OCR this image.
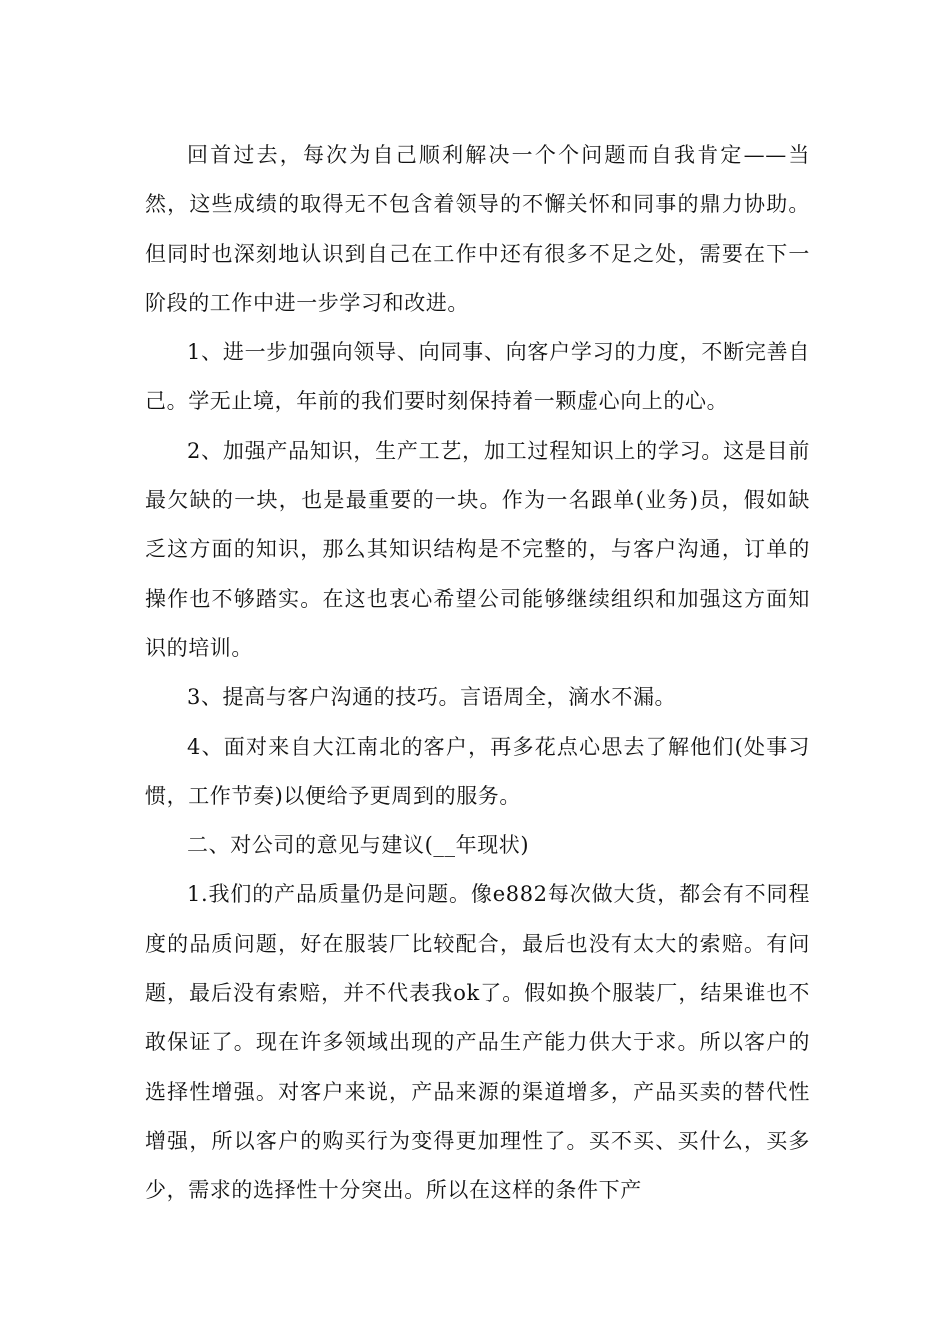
回首过去，每次为自己顺利解决一个个问题而自我肯定——当然，这些成绩的取得无不包含着领导的不懈关怀和同事的鼎力协助。但同时也深刻地认识到自己在工作中还有很多不足之处，需要在下一阶段的工作中进一步学习和改进。

1、进一步加强向领导、向同事、向客户学习的力度，不断完善自己。学无止境，年前的我们要时刻保持着一颗虚心向上的心。

2、加强产品知识，生产工艺，加工过程知识上的学习。这是目前最欠缺的一块，也是最重要的一块。作为一名跟单(业务)员，假如缺乏这方面的知识，那么其知识结构是不完整的，与客户沟通，订单的操作也不够踏实。在这也衷心希望公司能够继续组织和加强这方面知识的培训。

3、提高与客户沟通的技巧。言语周全，滴水不漏。

4、面对来自大江南北的客户，再多花点心思去了解他们(处事习惯，工作节奏)以便给予更周到的服务。

二、对公司的意见与建议(__年现状)

1.我们的产品质量仍是问题。像e882每次做大货，都会有不同程度的品质问题，好在服装厂比较配合，最后也没有太大的索赔。有问题，最后没有索赔，并不代表我ok了。假如换个服装厂，结果谁也不敢保证了。现在许多领域出现的产品生产能力供大于求。所以客户的选择性增强。对客户来说，产品来源的渠道增多，产品买卖的替代性增强，所以客户的购买行为变得更加理性了。买不买、买什么，买多少，需求的选择性十分突出。所以在这样的条件下产
